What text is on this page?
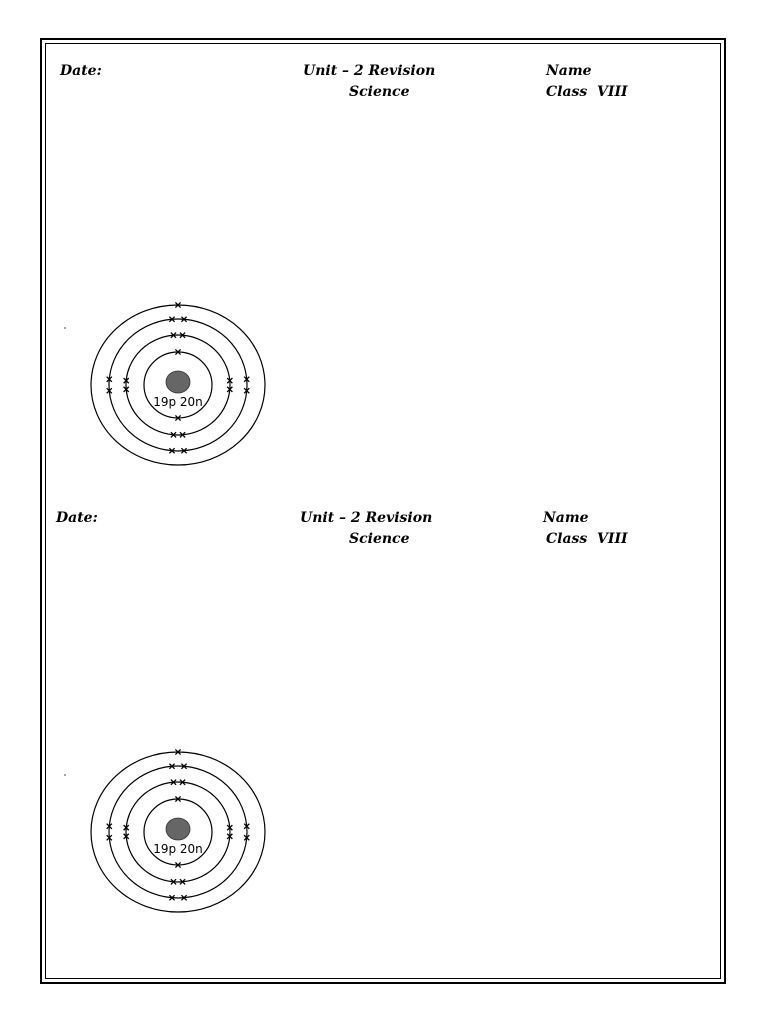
Date:	Unit – 2 Revision
Science
Name
Class  VIII
19p 20n
Date:	Unit – 2 Revision
Science
Name
Class  VIII
19p 20n
